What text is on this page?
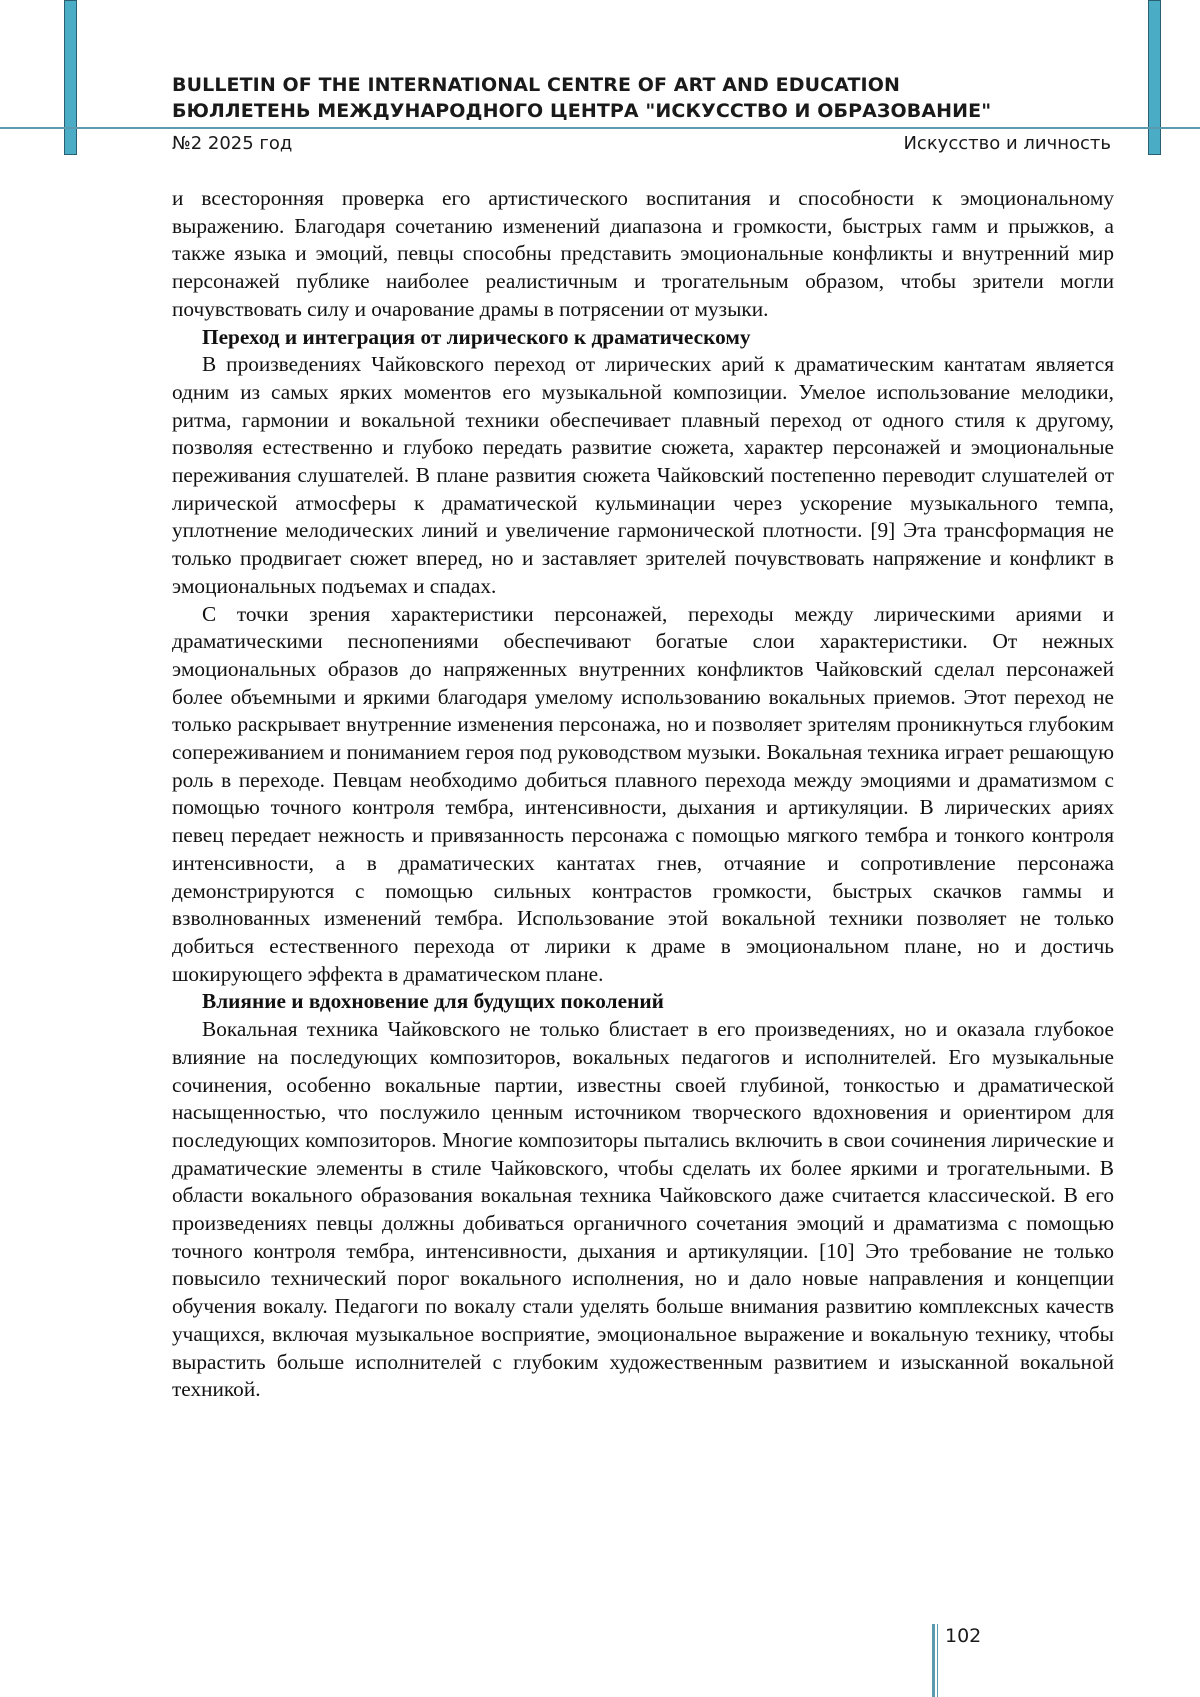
BULLETIN OF THE INTERNATIONAL CENTRE OF ART AND EDUCATION
БЮЛЛЕТЕНЬ МЕЖДУНАРОДНОГО ЦЕНТРА "ИСКУССТВО И ОБРАЗОВАНИЕ"
№2 2025 год	Искусство и личность

и всесторонняя проверка его артистического воспитания и способности к эмоциональному выражению. Благодаря сочетанию изменений диапазона и громкости, быстрых гамм и прыжков, а также языка и эмоций, певцы способны представить эмоциональные конфликты и внутренний мир персонажей публике наиболее реалистичным и трогательным образом, чтобы зрители могли почувствовать силу и очарование драмы в потрясении от музыки.

Переход и интеграция от лирического к драматическому

В произведениях Чайковского переход от лирических арий к драматическим кантатам является одним из самых ярких моментов его музыкальной композиции. Умелое использование мелодики, ритма, гармонии и вокальной техники обеспечивает плавный переход от одного стиля к другому, позволяя естественно и глубоко передать развитие сюжета, характер персонажей и эмоциональные переживания слушателей. В плане развития сюжета Чайковский постепенно переводит слушателей от лирической атмосферы к драматической кульминации через ускорение музыкального темпа, уплотнение мелодических линий и увеличение гармонической плотности. [9] Эта трансформация не только продвигает сюжет вперед, но и заставляет зрителей почувствовать напряжение и конфликт в эмоциональных подъемах и спадах.

С точки зрения характеристики персонажей, переходы между лирическими ариями и драматическими песнопениями обеспечивают богатые слои характеристики. От нежных эмоциональных образов до напряженных внутренних конфликтов Чайковский сделал персонажей более объемными и яркими благодаря умелому использованию вокальных приемов. Этот переход не только раскрывает внутренние изменения персонажа, но и позволяет зрителям проникнуться глубоким сопереживанием и пониманием героя под руководством музыки. Вокальная техника играет решающую роль в переходе. Певцам необходимо добиться плавного перехода между эмоциями и драматизмом с помощью точного контроля тембра, интенсивности, дыхания и артикуляции. В лирических ариях певец передает нежность и привязанность персонажа с помощью мягкого тембра и тонкого контроля интенсивности, а в драматических кантатах гнев, отчаяние и сопротивление персонажа демонстрируются с помощью сильных контрастов громкости, быстрых скачков гаммы и взволнованных изменений тембра. Использование этой вокальной техники позволяет не только добиться естественного перехода от лирики к драме в эмоциональном плане, но и достичь шокирующего эффекта в драматическом плане.

Влияние и вдохновение для будущих поколений

Вокальная техника Чайковского не только блистает в его произведениях, но и оказала глубокое влияние на последующих композиторов, вокальных педагогов и исполнителей. Его музыкальные сочинения, особенно вокальные партии, известны своей глубиной, тонкостью и драматической насыщенностью, что послужило ценным источником творческого вдохновения и ориентиром для последующих композиторов. Многие композиторы пытались включить в свои сочинения лирические и драматические элементы в стиле Чайковского, чтобы сделать их более яркими и трогательными. В области вокального образования вокальная техника Чайковского даже считается классической. В его произведениях певцы должны добиваться органичного сочетания эмоций и драматизма с помощью точного контроля тембра, интенсивности, дыхания и артикуляции. [10] Это требование не только повысило технический порог вокального исполнения, но и дало новые направления и концепции обучения вокалу. Педагоги по вокалу стали уделять больше внимания развитию комплексных качеств учащихся, включая музыкальное восприятие, эмоциональное выражение и вокальную технику, чтобы вырастить больше исполнителей с глубоким художественным развитием и изысканной вокальной техникой.

102
